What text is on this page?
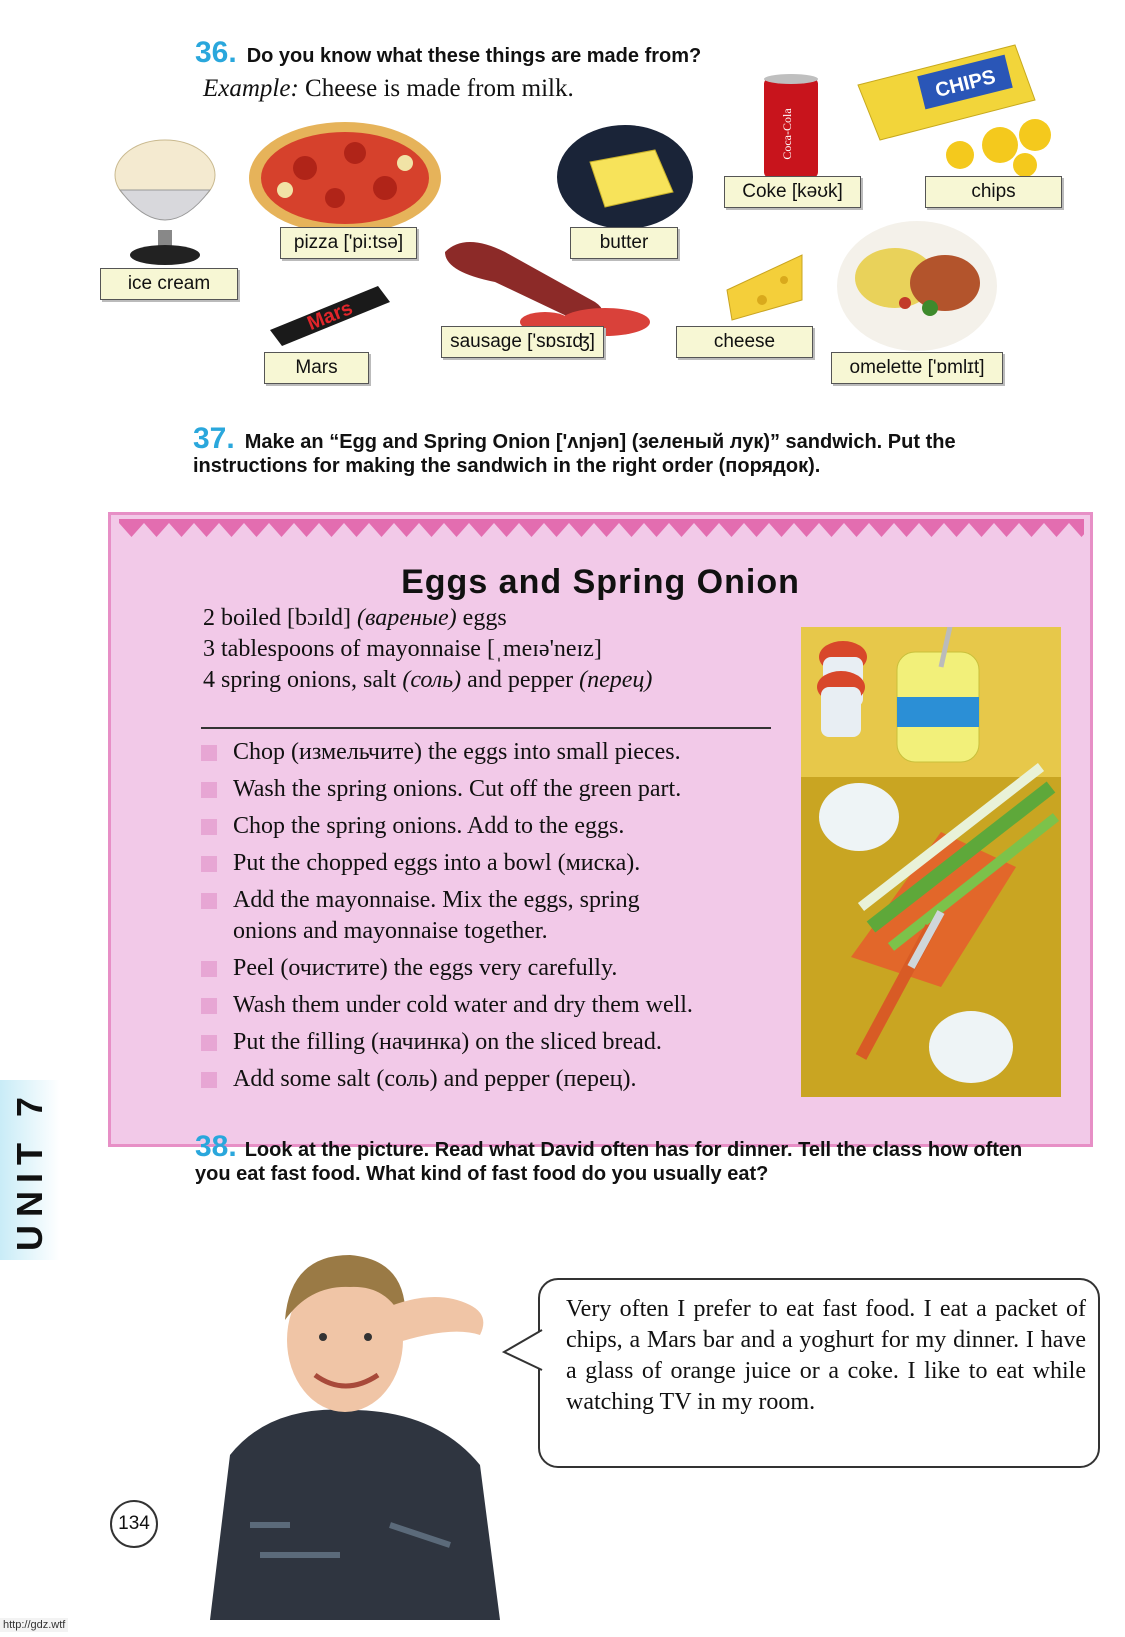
36. Do you know what these things are made from?
Example: Cheese is made from milk.
Coca-Cola
CHIPS
Mars
ice cream
pizza ['pi:tsə]	butter
Coke [kəʊk]	chips
Mars
sausage ['sɒsɪʤ]	cheese
omelette ['ɒmlɪt]
37. Make an “Egg and Spring Onion ['ʌnjən] (зеленый лук)” sandwich. Put the
instructions for making the sandwich in the right order (порядок).
Eggs and Spring Onion
2 boiled [bɔɪld] (вареные) eggs
3 tablespoons of mayonnaise [ˌmeɪə'neɪz]
4 spring onions, salt (соль) and pepper (перец)
Chop (измельчите) the eggs into small pieces.
Wash the spring onions. Cut off the green part.
Chop the spring onions. Add to the eggs.
Put the chopped eggs into a bowl (миска).
Add the mayonnaise. Mix the eggs, spring
onions and mayonnaise together.
Peel (очистите) the eggs very carefully.
Wash them under cold water and dry them well.
Put the filling (начинка) on the sliced bread.
Add some salt (соль) and pepper (перец).
UNIT 7	38. Look at the picture. Read what David often has for dinner. Tell the class how often
you eat fast food. What kind of fast food do you usually eat?
Very often I prefer to eat fast food. I eat a packet of chips, a Mars bar and a yoghurt for my dinner. I have a glass of orange juice or a coke. I like to eat while watching TV in my room.
134
http://gdz.wtf
